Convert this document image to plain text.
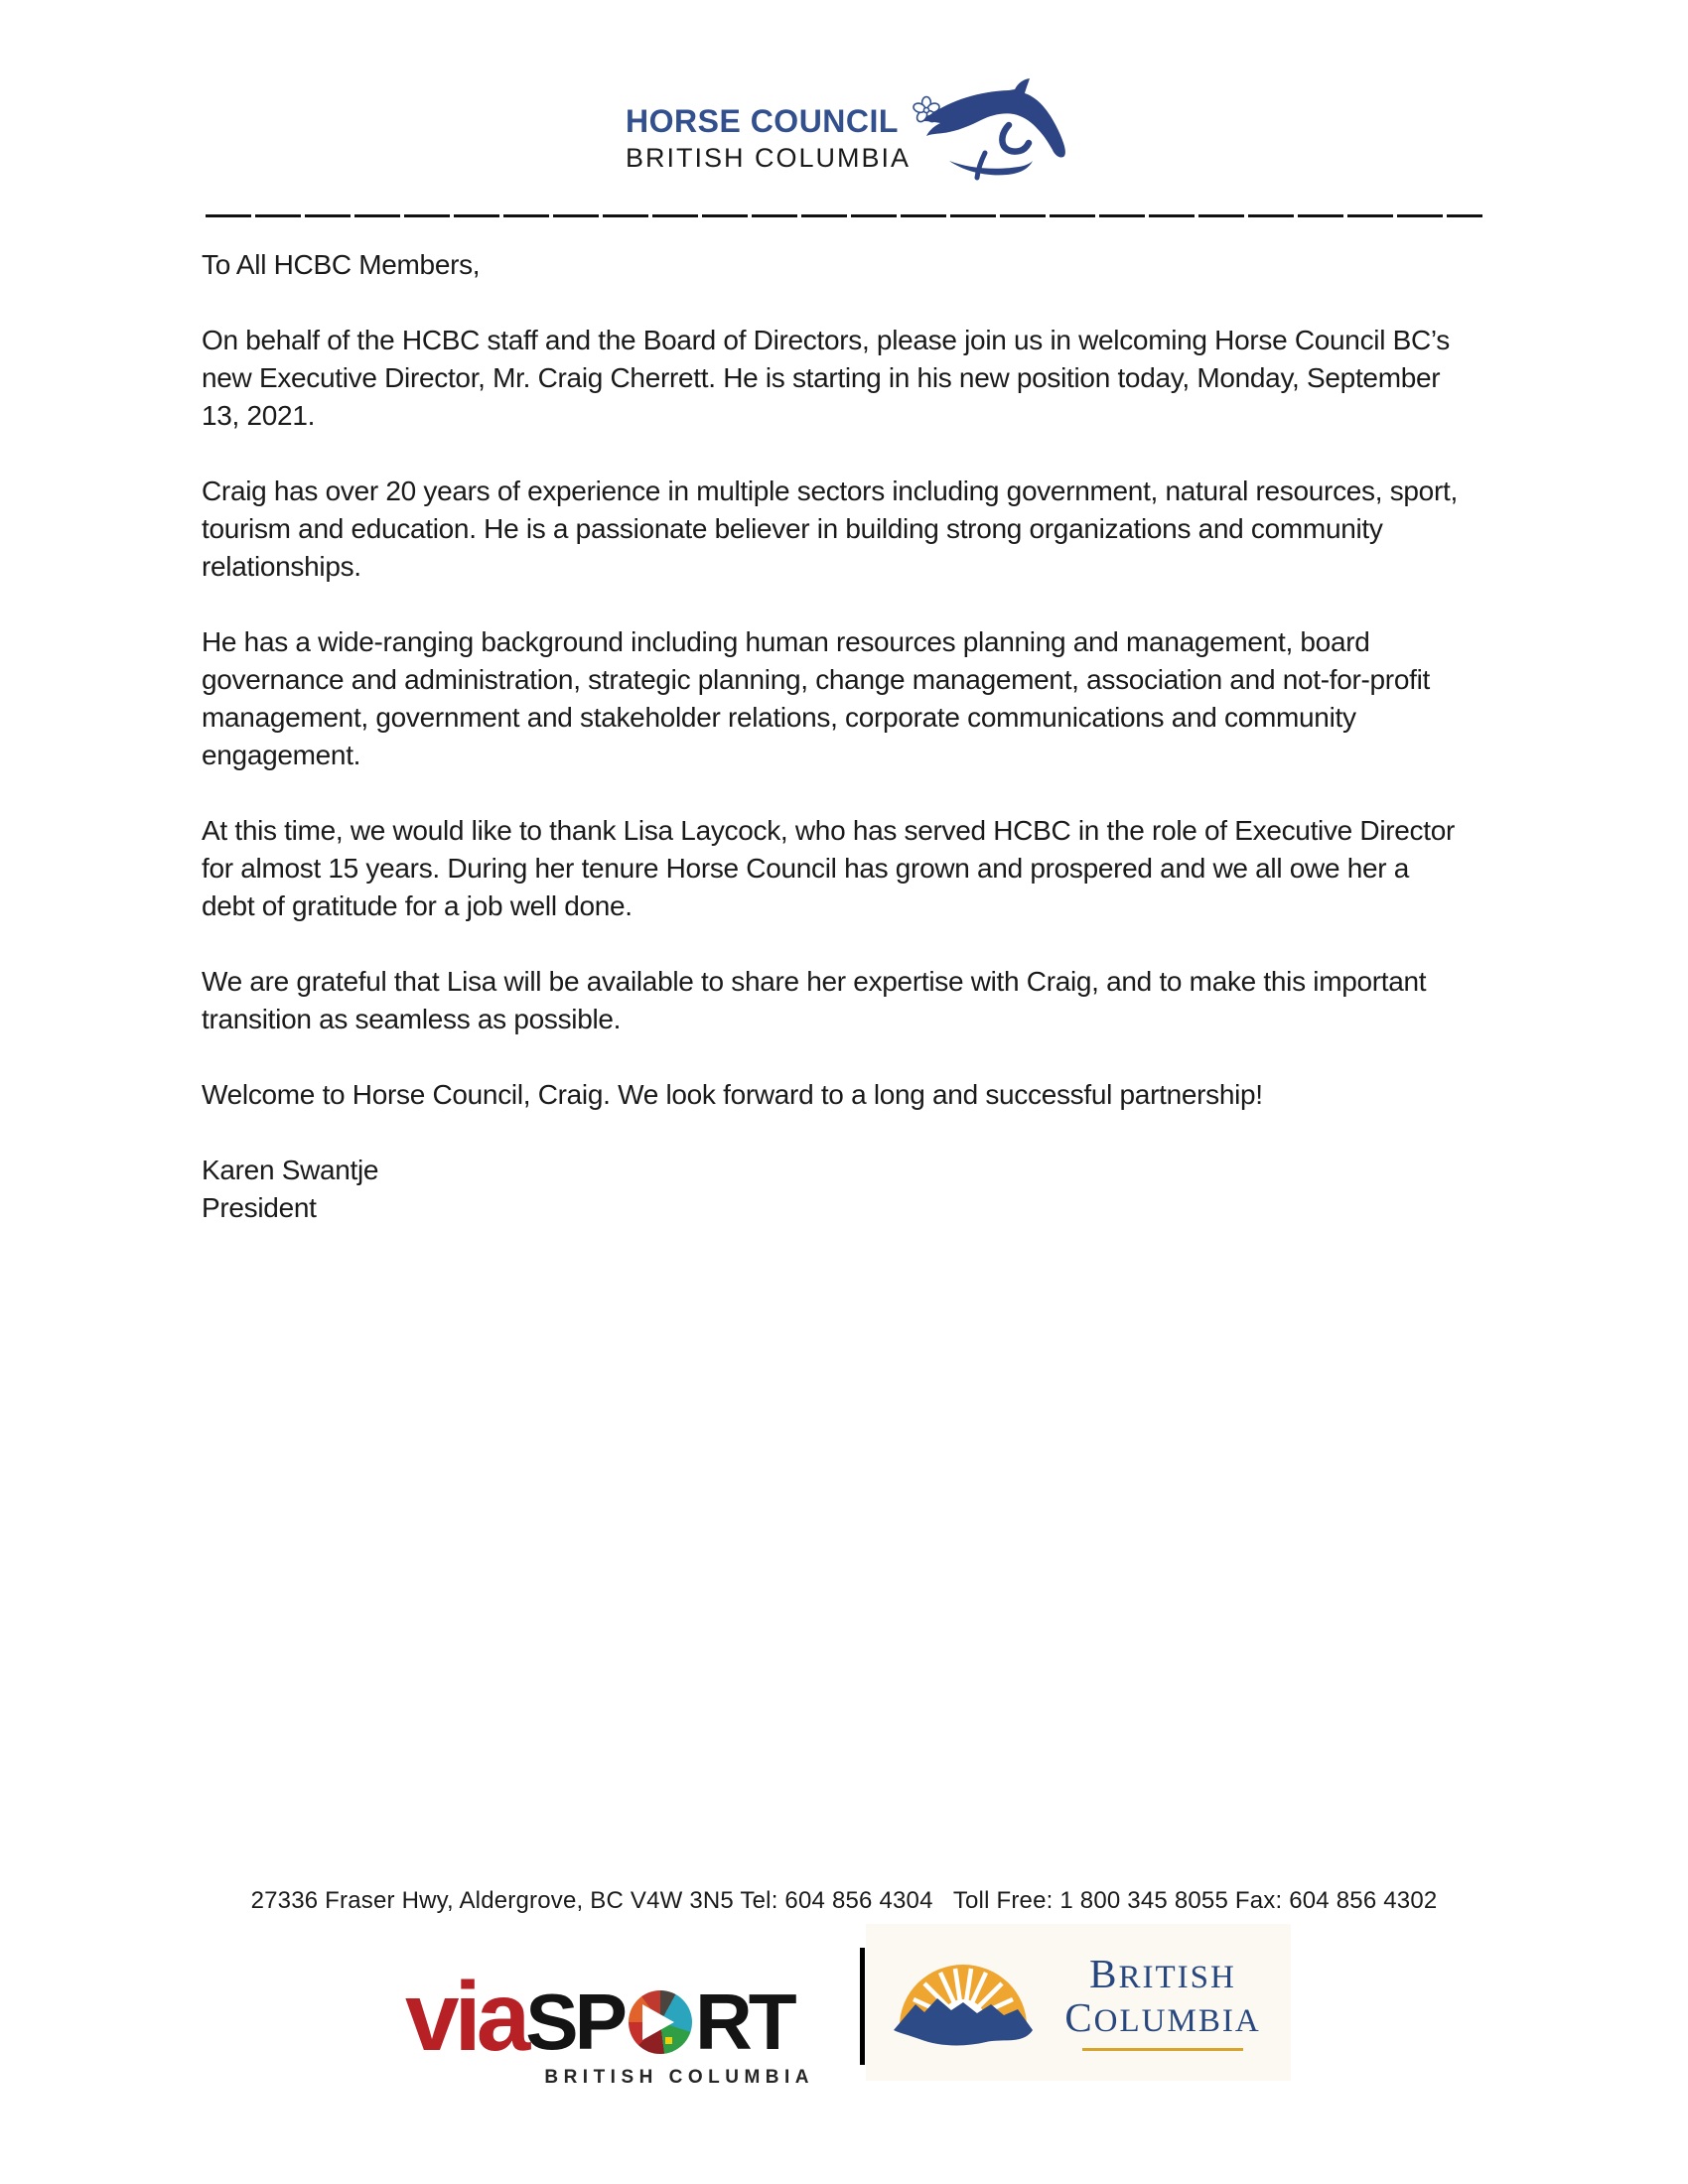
HORSE COUNCIL
BRITISH COLUMBIA

To All HCBC Members,

On behalf of the HCBC staff and the Board of Directors, please join us in welcoming Horse Council BC’s
new Executive Director, Mr. Craig Cherrett. He is starting in his new position today, Monday, September
13, 2021.

Craig has over 20 years of experience in multiple sectors including government, natural resources, sport,
tourism and education. He is a passionate believer in building strong organizations and community
relationships.

He has a wide-ranging background including human resources planning and management, board
governance and administration, strategic planning, change management, association and not-for-profit
management, government and stakeholder relations, corporate communications and community
engagement.

At this time, we would like to thank Lisa Laycock, who has served HCBC in the role of Executive Director
for almost 15 years. During her tenure Horse Council has grown and prospered and we all owe her a
debt of gratitude for a job well done.

We are grateful that Lisa will be available to share her expertise with Craig, and to make this important
transition as seamless as possible.

Welcome to Horse Council, Craig. We look forward to a long and successful partnership!

Karen Swantje
President
27336 Fraser Hwy, Aldergrove, BC V4W 3N5 Tel: 604 856 4304   Toll Free: 1 800 345 8055 Fax: 604 856 4302
via SP RT
BRITISH COLUMBIA
BRITISH
COLUMBIA
